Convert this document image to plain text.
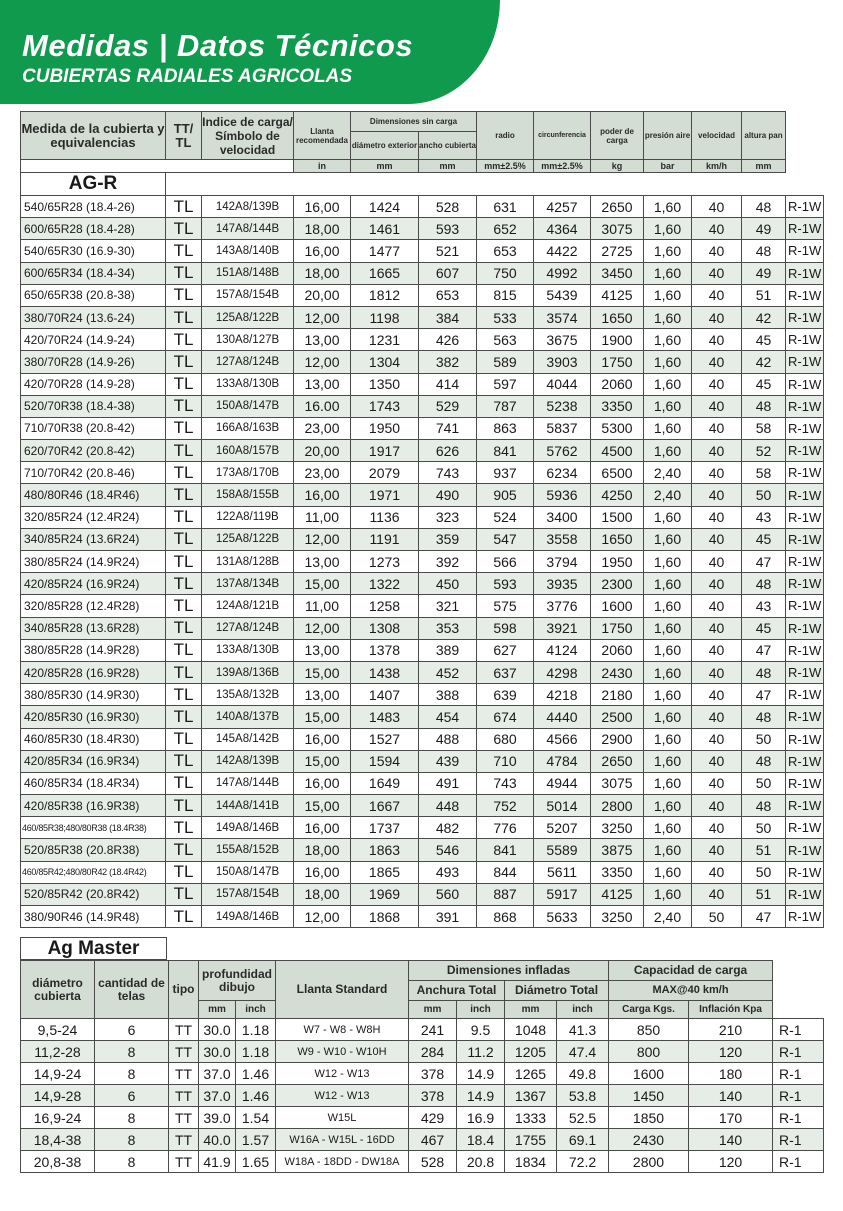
Medidas | Datos Técnicos
CUBIERTAS RADIALES AGRICOLAS
Medida de la cubierta y equivalencias	TT/ TL	Indice de carga/ Símbolo de velocidad	Llanta recomendada	Dimensiones sin carga		radio	circunferencia	poder de carga	presión aire	velocidad	altura pan	

				diámetro exterior	ancho cubierta							

			in	mm	mm	mm±2.5%	mm±2.5%	kg	bar	km/h	mm	
AG-R												
540/65R28 (18.4-26)	TL	142A8/139B	16,00	1424	528	631	4257	2650	1,60	40	48	R-1W
600/65R28 (18.4-28)	TL	147A8/144B	18,00	1461	593	652	4364	3075	1,60	40	49	R-1W
540/65R30 (16.9-30)	TL	143A8/140B	16,00	1477	521	653	4422	2725	1,60	40	48	R-1W
600/65R34 (18.4-34)	TL	151A8/148B	18,00	1665	607	750	4992	3450	1,60	40	49	R-1W
650/65R38 (20.8-38)	TL	157A8/154B	20,00	1812	653	815	5439	4125	1,60	40	51	R-1W
380/70R24 (13.6-24)	TL	125A8/122B	12,00	1198	384	533	3574	1650	1,60	40	42	R-1W
420/70R24 (14.9-24)	TL	130A8/127B	13,00	1231	426	563	3675	1900	1,60	40	45	R-1W
380/70R28 (14.9-26)	TL	127A8/124B	12,00	1304	382	589	3903	1750	1,60	40	42	R-1W
420/70R28 (14.9-28)	TL	133A8/130B	13,00	1350	414	597	4044	2060	1,60	40	45	R-1W
520/70R38 (18.4-38)	TL	150A8/147B	16.00	1743	529	787	5238	3350	1,60	40	48	R-1W
710/70R38 (20.8-42)	TL	166A8/163B	23,00	1950	741	863	5837	5300	1,60	40	58	R-1W
620/70R42 (20.8-42)	TL	160A8/157B	20,00	1917	626	841	5762	4500	1,60	40	52	R-1W
710/70R42 (20.8-46)	TL	173A8/170B	23,00	2079	743	937	6234	6500	2,40	40	58	R-1W
480/80R46 (18.4R46)	TL	158A8/155B	16,00	1971	490	905	5936	4250	2,40	40	50	R-1W
320/85R24 (12.4R24)	TL	122A8/119B	11,00	1136	323	524	3400	1500	1,60	40	43	R-1W
340/85R24 (13.6R24)	TL	125A8/122B	12,00	1191	359	547	3558	1650	1,60	40	45	R-1W
380/85R24 (14.9R24)	TL	131A8/128B	13,00	1273	392	566	3794	1950	1,60	40	47	R-1W
420/85R24 (16.9R24)	TL	137A8/134B	15,00	1322	450	593	3935	2300	1,60	40	48	R-1W
320/85R28 (12.4R28)	TL	124A8/121B	11,00	1258	321	575	3776	1600	1,60	40	43	R-1W
340/85R28 (13.6R28)	TL	127A8/124B	12,00	1308	353	598	3921	1750	1,60	40	45	R-1W
380/85R28 (14.9R28)	TL	133A8/130B	13,00	1378	389	627	4124	2060	1,60	40	47	R-1W
420/85R28 (16.9R28)	TL	139A8/136B	15,00	1438	452	637	4298	2430	1,60	40	48	R-1W
380/85R30 (14.9R30)	TL	135A8/132B	13,00	1407	388	639	4218	2180	1,60	40	47	R-1W
420/85R30 (16.9R30)	TL	140A8/137B	15,00	1483	454	674	4440	2500	1,60	40	48	R-1W
460/85R30 (18.4R30)	TL	145A8/142B	16,00	1527	488	680	4566	2900	1,60	40	50	R-1W
420/85R34 (16.9R34)	TL	142A8/139B	15,00	1594	439	710	4784	2650	1,60	40	48	R-1W
460/85R34 (18.4R34)	TL	147A8/144B	16,00	1649	491	743	4944	3075	1,60	40	50	R-1W
420/85R38 (16.9R38)	TL	144A8/141B	15,00	1667	448	752	5014	2800	1,60	40	48	R-1W
460/85R38;480/80R38 (18.4R38)	TL	149A8/146B	16,00	1737	482	776	5207	3250	1,60	40	50	R-1W
520/85R38 (20.8R38)	TL	155A8/152B	18,00	1863	546	841	5589	3875	1,60	40	51	R-1W
460/85R42;480/80R42 (18.4R42)	TL	150A8/147B	16,00	1865	493	844	5611	3350	1,60	40	50	R-1W
520/85R42 (20.8R42)	TL	157A8/154B	18,00	1969	560	887	5917	4125	1,60	40	51	R-1W
380/90R46 (14.9R48)	TL	149A8/146B	12,00	1868	391	868	5633	3250	2,40	50	47	R-1W
Ag Master
diámetro cubierta	cantidad de telas	tipo	profundidad dibujo		Llanta Standard	Dimensiones infladas				Capacidad de carga		
						Anchura Total		Diámetro Total		MAX@40 km/h		
			mm	inch		mm	inch	mm	inch	Carga Kgs.	Inflación Kpa	
9,5-24	6	TT	30.0	1.18	W7 - W8 - W8H	241	9.5	1048	41.3	850	210	R-1
11,2-28	8	TT	30.0	1.18	W9 - W10 - W10H	284	11.2	1205	47.4	800	120	R-1
14,9-24	8	TT	37.0	1.46	W12 - W13	378	14.9	1265	49.8	1600	180	R-1
14,9-28	6	TT	37.0	1.46	W12 - W13	378	14.9	1367	53.8	1450	140	R-1
16,9-24	8	TT	39.0	1.54	W15L	429	16.9	1333	52.5	1850	170	R-1
18,4-38	8	TT	40.0	1.57	W16A - W15L - 16DD	467	18.4	1755	69.1	2430	140	R-1
20,8-38	8	TT	41.9	1.65	W18A - 18DD - DW18A	528	20.8	1834	72.2	2800	120	R-1
